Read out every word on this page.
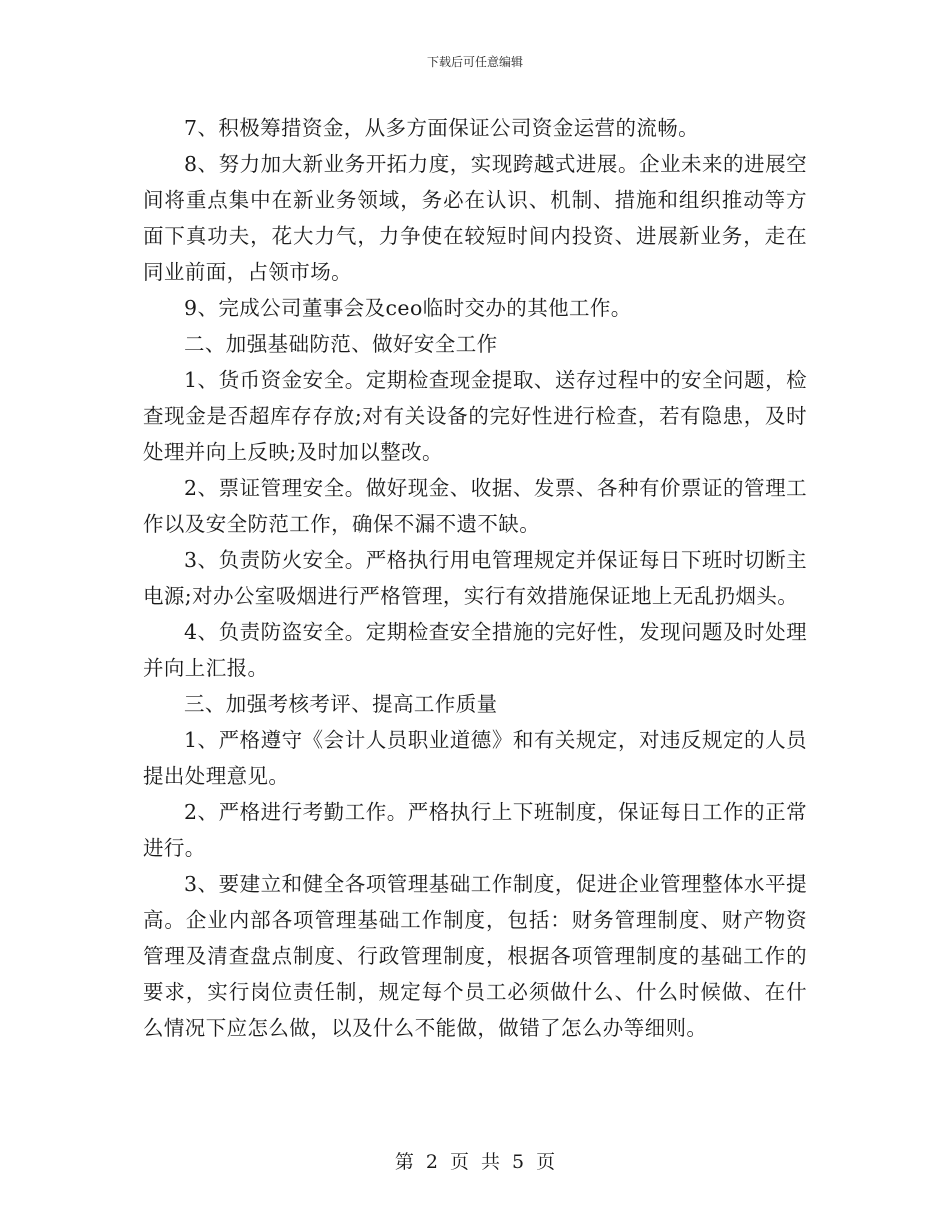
下载后可任意编辑

7、积极筹措资金，从多方面保证公司资金运营的流畅。

8、努力加大新业务开拓力度，实现跨越式进展。企业未来的进展空间将重点集中在新业务领域，务必在认识、机制、措施和组织推动等方面下真功夫，花大力气，力争使在较短时间内投资、进展新业务，走在同业前面，占领市场。

9、完成公司董事会及ceo临时交办的其他工作。

二、加强基础防范、做好安全工作

1、货币资金安全。定期检查现金提取、送存过程中的安全问题，检查现金是否超库存存放;对有关设备的完好性进行检查，若有隐患，及时处理并向上反映;及时加以整改。

2、票证管理安全。做好现金、收据、发票、各种有价票证的管理工作以及安全防范工作，确保不漏不遗不缺。

3、负责防火安全。严格执行用电管理规定并保证每日下班时切断主电源;对办公室吸烟进行严格管理，实行有效措施保证地上无乱扔烟头。

4、负责防盗安全。定期检查安全措施的完好性，发现问题及时处理并向上汇报。

三、加强考核考评、提高工作质量

1、严格遵守《会计人员职业道德》和有关规定，对违反规定的人员提出处理意见。

2、严格进行考勤工作。严格执行上下班制度，保证每日工作的正常进行。

3、要建立和健全各项管理基础工作制度，促进企业管理整体水平提高。企业内部各项管理基础工作制度，包括：财务管理制度、财产物资管理及清查盘点制度、行政管理制度，根据各项管理制度的基础工作的要求，实行岗位责任制，规定每个员工必须做什么、什么时候做、在什么情况下应怎么做，以及什么不能做，做错了怎么办等细则。

第 2 页 共 5 页
